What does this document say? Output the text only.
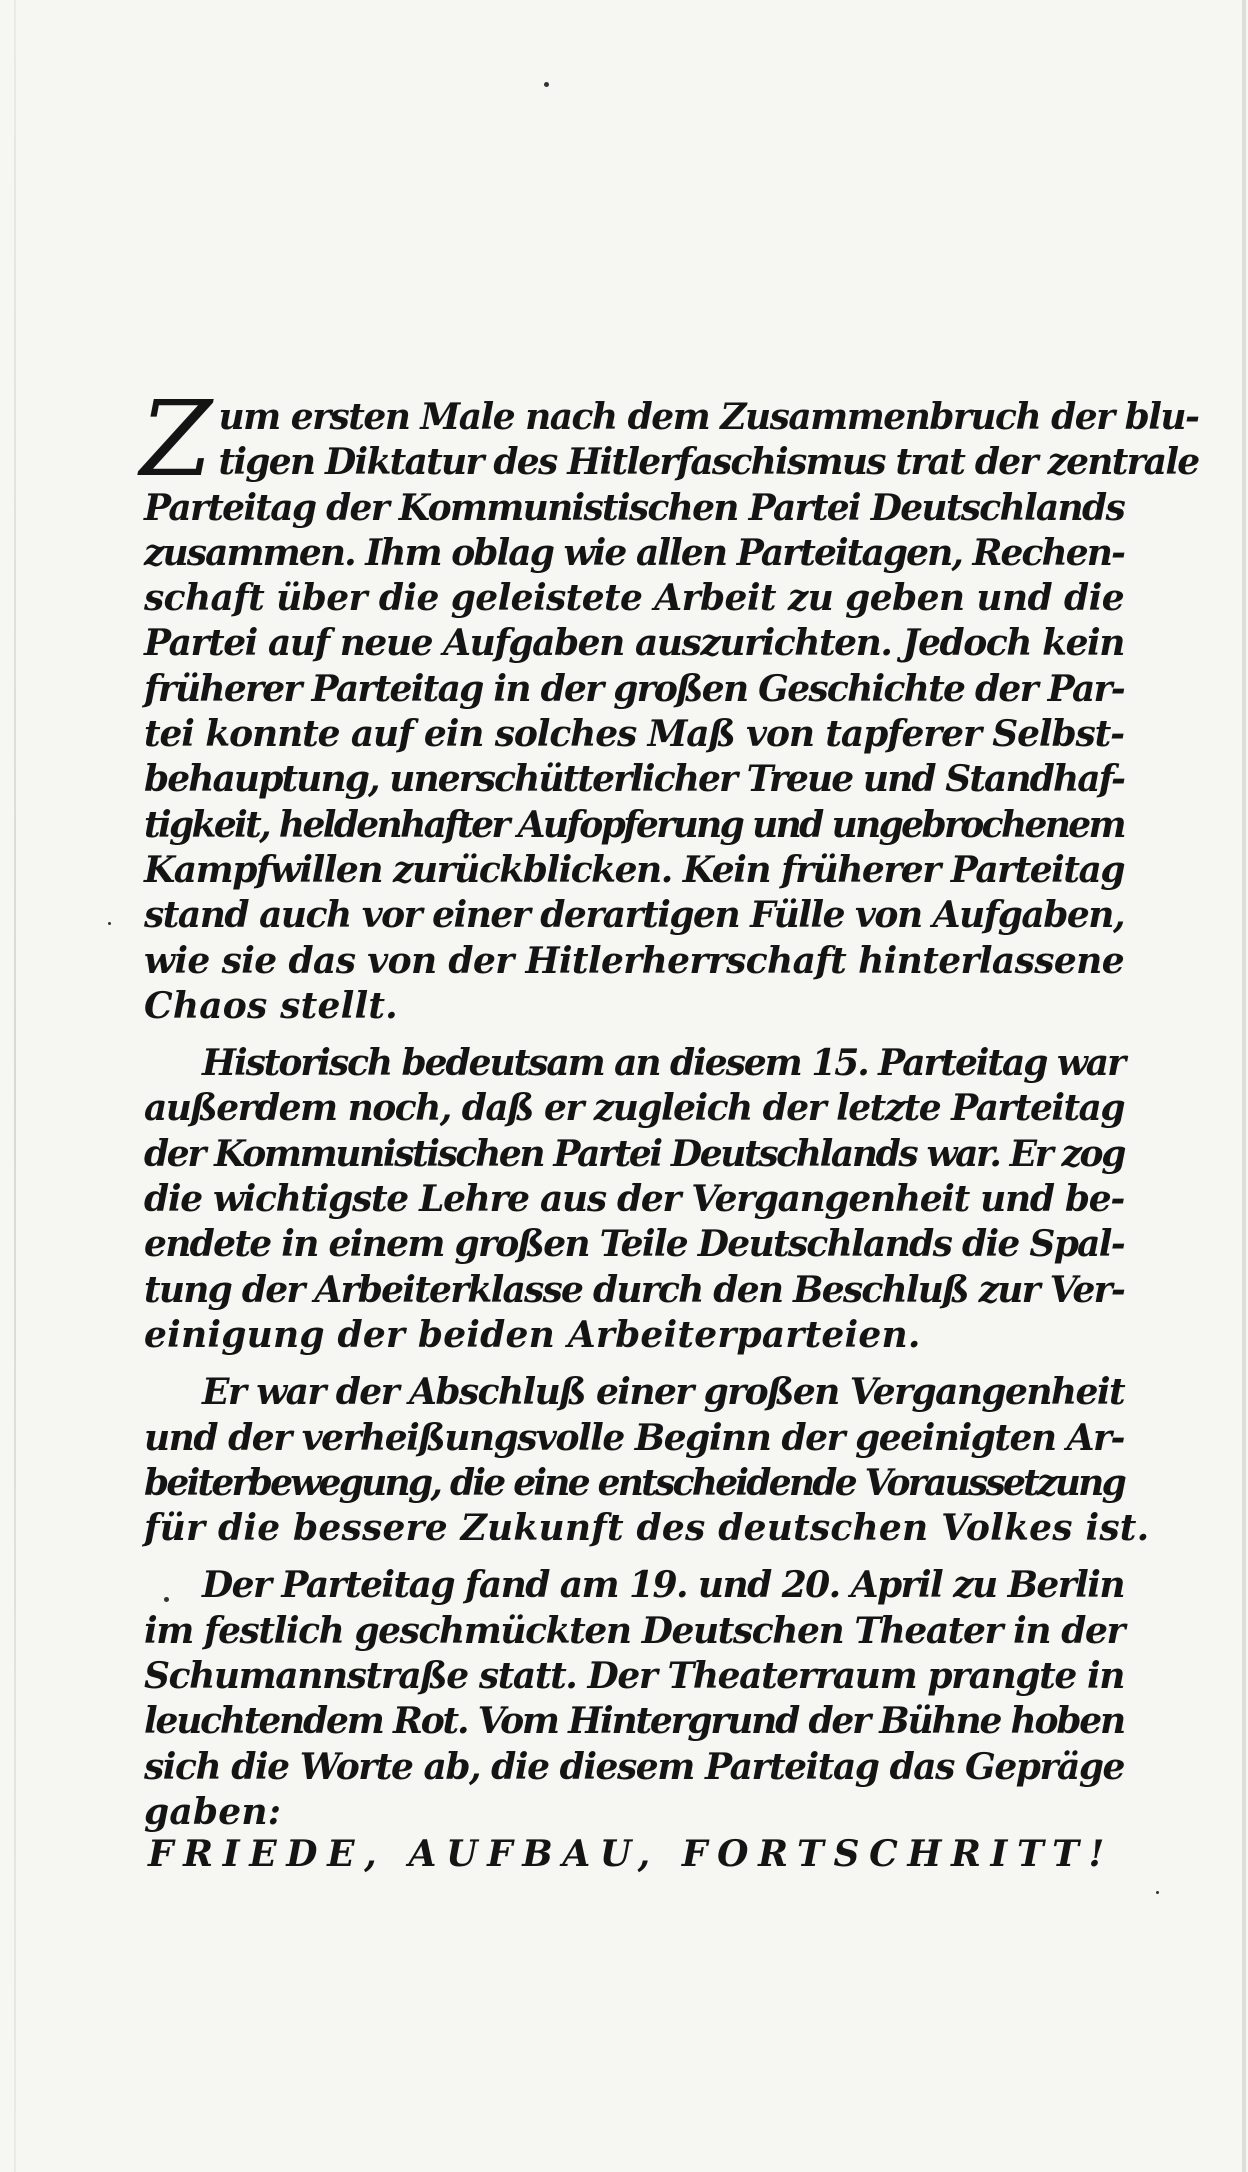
Z um ersten Male nach dem Zusammenbruch der blu-
tigen Diktatur des Hitlerfaschismus trat der zentrale
Parteitag der Kommunistischen Partei Deutschlands
zusammen. Ihm oblag wie allen Parteitagen, Rechen-
schaft über die geleistete Arbeit zu geben und die
Partei auf neue Aufgaben auszurichten. Jedoch kein
früherer Parteitag in der großen Geschichte der Par-
tei konnte auf ein solches Maß von tapferer Selbst-
behauptung, unerschütterlicher Treue und Standhaf-
tigkeit, heldenhafter Aufopferung und ungebrochenem
Kampfwillen zurückblicken. Kein früherer Parteitag
stand auch vor einer derartigen Fülle von Aufgaben,
wie sie das von der Hitlerherrschaft hinterlassene
Chaos stellt.
Historisch bedeutsam an diesem 15. Parteitag war
außerdem noch, daß er zugleich der letzte Parteitag
der Kommunistischen Partei Deutschlands war. Er zog
die wichtigste Lehre aus der Vergangenheit und be-
endete in einem großen Teile Deutschlands die Spal-
tung der Arbeiterklasse durch den Beschluß zur Ver-
einigung der beiden Arbeiterparteien.
Er war der Abschluß einer großen Vergangenheit
und der verheißungsvolle Beginn der geeinigten Ar-
beiterbewegung, die eine entscheidende Voraussetzung
für die bessere Zukunft des deutschen Volkes ist.
Der Parteitag fand am 19. und 20. April zu Berlin
im festlich geschmückten Deutschen Theater in der
Schumannstraße statt. Der Theaterraum prangte in
leuchtendem Rot. Vom Hintergrund der Bühne hoben
sich die Worte ab, die diesem Parteitag das Gepräge
gaben:
FRIEDE, AUFBAU, FORTSCHRITT!
